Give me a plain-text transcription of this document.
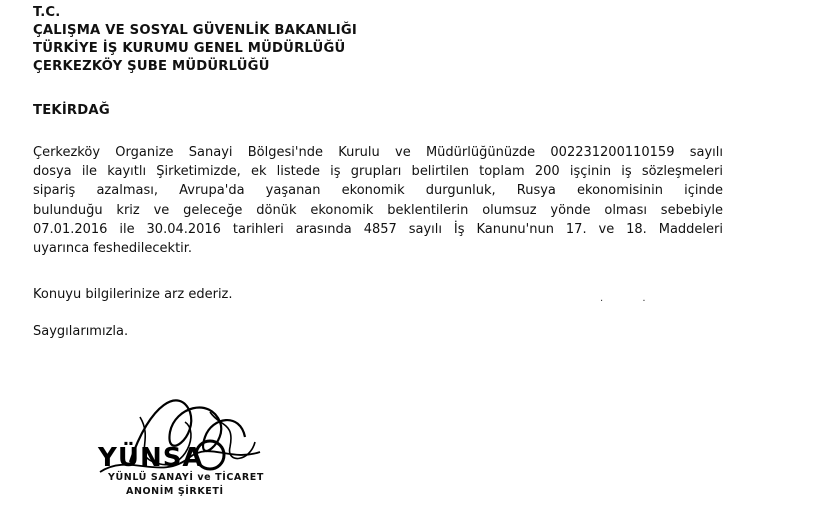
T.C.
ÇALIŞMA VE SOSYAL GÜVENLİK BAKANLIĞI
TÜRKİYE İŞ KURUMU GENEL MÜDÜRLÜĞÜ
ÇERKEZKÖY ŞUBE MÜDÜRLÜĞÜ
TEKİRDAĞ
Çerkezköy Organize Sanayi Bölgesi'nde Kurulu ve Müdürlüğünüzde 002231200110159 sayılı
dosya ile kayıtlı Şirketimizde, ek listede iş grupları belirtilen toplam 200 işçinin iş sözleşmeleri
sipariş azalması, Avrupa'da yaşanan ekonomik durgunluk, Rusya ekonomisinin içinde
bulunduğu kriz ve geleceğe dönük ekonomik beklentilerin olumsuz yönde olması sebebiyle
07.01.2016 ile 30.04.2016 tarihleri arasında 4857 sayılı İş Kanunu'nun 17. ve 18. Maddeleri
uyarınca feshedilecektir.
Konuyu bilgilerinize arz ederiz.
Saygılarımızla.
· ·
YÜNSA
YÜNLÜ SANAYİ ve TİCARET
ANONİM ŞİRKETİ
